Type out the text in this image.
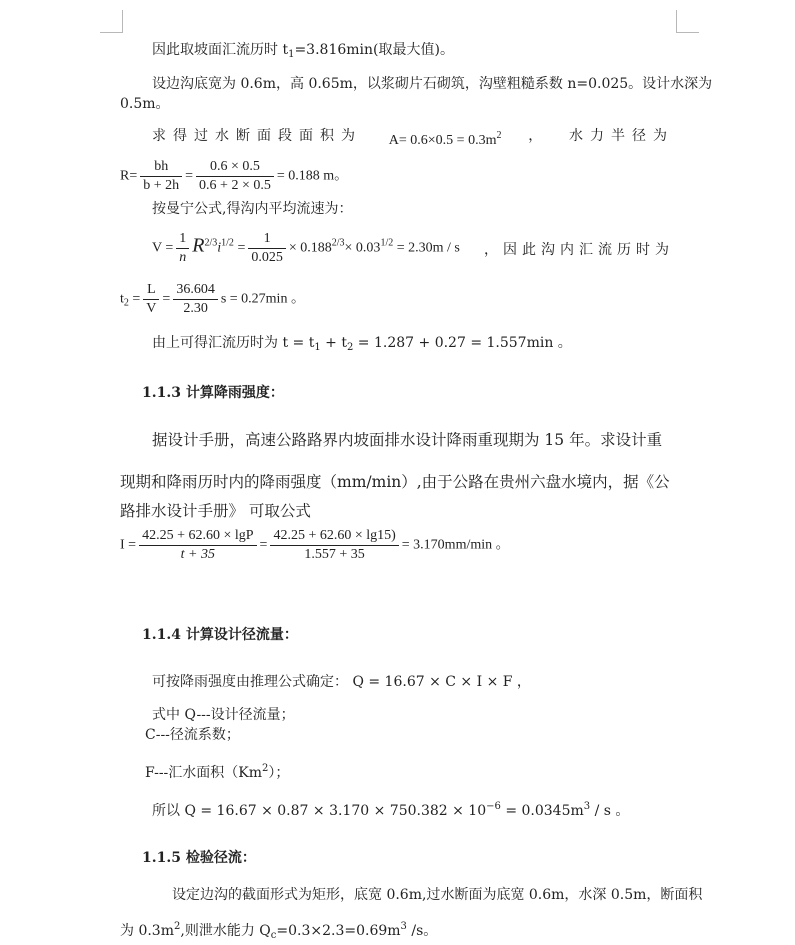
因此取坡面汇流历时 $t_1=3.816\min$(取最大值)。
设边沟底宽为 0.6m，高 0.65m，以浆砌片石砌筑，沟壁粗糙系数 n=0.025。设计水深为
0.5m。
求得过水断面段面积为 $A= 0.6\times 0.5 = 0.3m^2$ ， 水力半径为
$R= \frac{bh}{b + 2h} = \frac{0.6 \times 0.5}{0.6 + 2 \times 0.5} = 0.188$ m。
按曼宁公式,得沟内平均流速为：
$V = \frac{1}{n} R^{2/3}i^{1/2} = \frac{1}{0.025} \times 0.188^{2/3}\times 0.03^{1/2} = 2.30m / s$ ，因此沟内汇流历时为
$t_2 = \frac{L}{V} = \frac{36.604}{2.30}$ s = 0.27min 。
由上可得汇流历时为 $t = t_1 + t_2 = 1.287 + 0.27 = 1.557\min$ 。
1.1.3 计算降雨强度：
据设计手册，高速公路路界内坡面排水设计降雨重现期为 15 年。求设计重
现期和降雨历时内的降雨强度（mm/min）,由于公路在贵州六盘水境内，据《公
路排水设计手册》 可取公式
$I = \frac{42.25 + 62.60 \times \lg P}{t + 35} = \frac{42.25 + 62.60 \times \lg 15)}{1.557 + 35} = 3.170mm/\min$ 。
1.1.4 计算设计径流量：
可按降雨强度由推理公式确定： Q = 16.67 × C × I × F ，
式中 Q---设计径流量；
C---径流系数；
F---汇水面积（Km$^2$）；
所以 $Q = 16.67 \times 0.87 \times 3.170 \times 750.382 \times 10^{-6} = 0.0345m^3 / s$ 。
1.1.5 检验径流：
设定边沟的截面形式为矩形，底宽 0.6m,过水断面为底宽 0.6m，水深 0.5m，断面积
为 $0.3m^2$,则泄水能力 $Q_c=0.3\times 2.3=0.69m^3$ /s。
